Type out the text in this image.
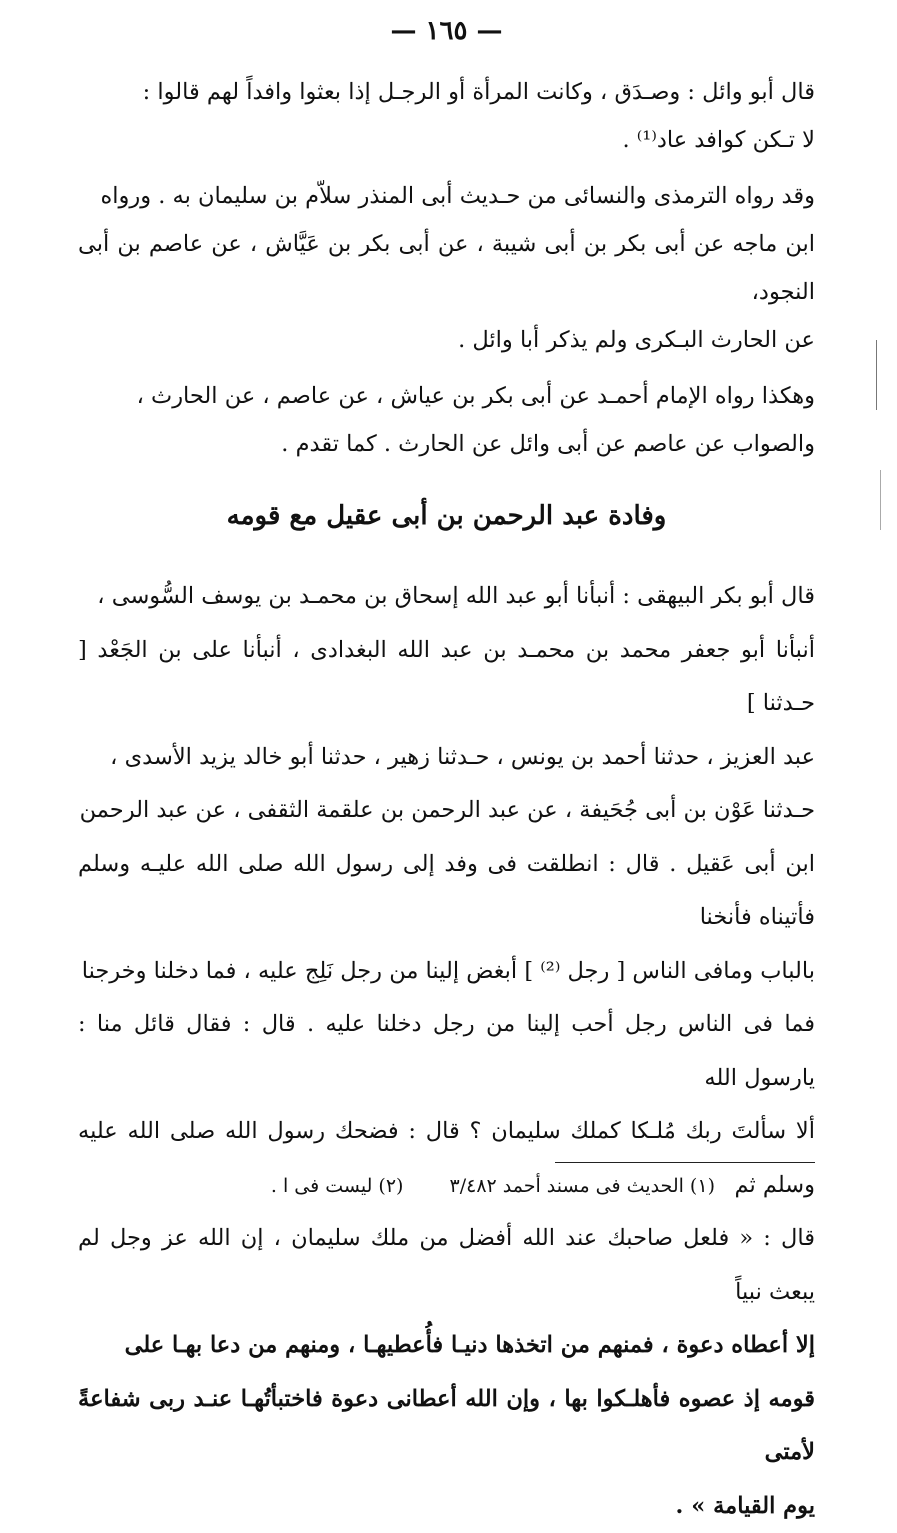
— ١٦٥ —
قال أبو وائل : وصـدَق ، وكانت المرأة أو الرجـل إذا بعثوا وافداً لهم قالوا :
لا تـكن كوافد عاد⁽¹⁾ .
وقد رواه الترمذى والنسائى من حـديث أبى المنذر سلاّم بن سليمان به . ورواه
ابن ماجه عن أبى بكر بن أبى شيبة ، عن أبى بكر بن عَيَّاش ، عن عاصم بن أبى النجود،
عن الحارث البـكرى ولم يذكر أبا وائل .
وهكذا رواه الإمام أحمـد عن أبى بكر بن عياش ، عن عاصم ، عن الحارث ،
والصواب عن عاصم عن أبى وائل عن الحارث . كما تقدم .
وفادة عبد الرحمن بن أبى عقيل مع قومه
قال أبو بكر البيهقى : أنبأنا أبو عبد الله إسحاق بن محمـد بن يوسف السُّوسى ،
أنبأنا أبو جعفر محمد بن محمـد بن عبد الله البغدادى ، أنبأنا على بن الجَعْد [ حـدثنا ]
عبد العزيز ، حدثنا أحمد بن يونس ، حـدثنا زهير ، حدثنا أبو خالد يزيد الأسدى ،
حـدثنا عَوْن بن أبى جُحَيفة ، عن عبد الرحمن بن علقمة الثقفى ، عن عبد الرحمن
ابن أبى عَقيل . قال : انطلقت فى وفد إلى رسول الله صلى الله عليـه وسلم فأتيناه فأنخنا
بالباب ومافى الناس [ رجل ⁽²⁾ ] أبغض إلينا من رجل نَلِج عليه ، فما دخلنا وخرجنا
فما فى الناس رجل أحب إلينا من رجل دخلنا عليه . قال : فقال قائل منا : يارسول الله
ألا سألتَ ربك مُلـكا كملك سليمان ؟ قال : فضحك رسول الله صلى الله عليه وسلم ثم
قال : « فلعل صاحبك عند الله أفضل من ملك سليمان ، إن الله عز وجل لم يبعث نبياً
إلا أعطاه دعوة ، فمنهم من اتخذها دنيـا فأُعطيهـا ، ومنهم من دعا بهـا على
قومه إذ عصوه فأهلـكوا بها ، وإن الله أعطانى دعوة فاختبأتُهـا عنـد ربى شفاعةً لأمتى
يوم القيامة » .
(١) الحديث فى مسند أحمد ٣/٤٨٢ (٢) ليست فى ا .
